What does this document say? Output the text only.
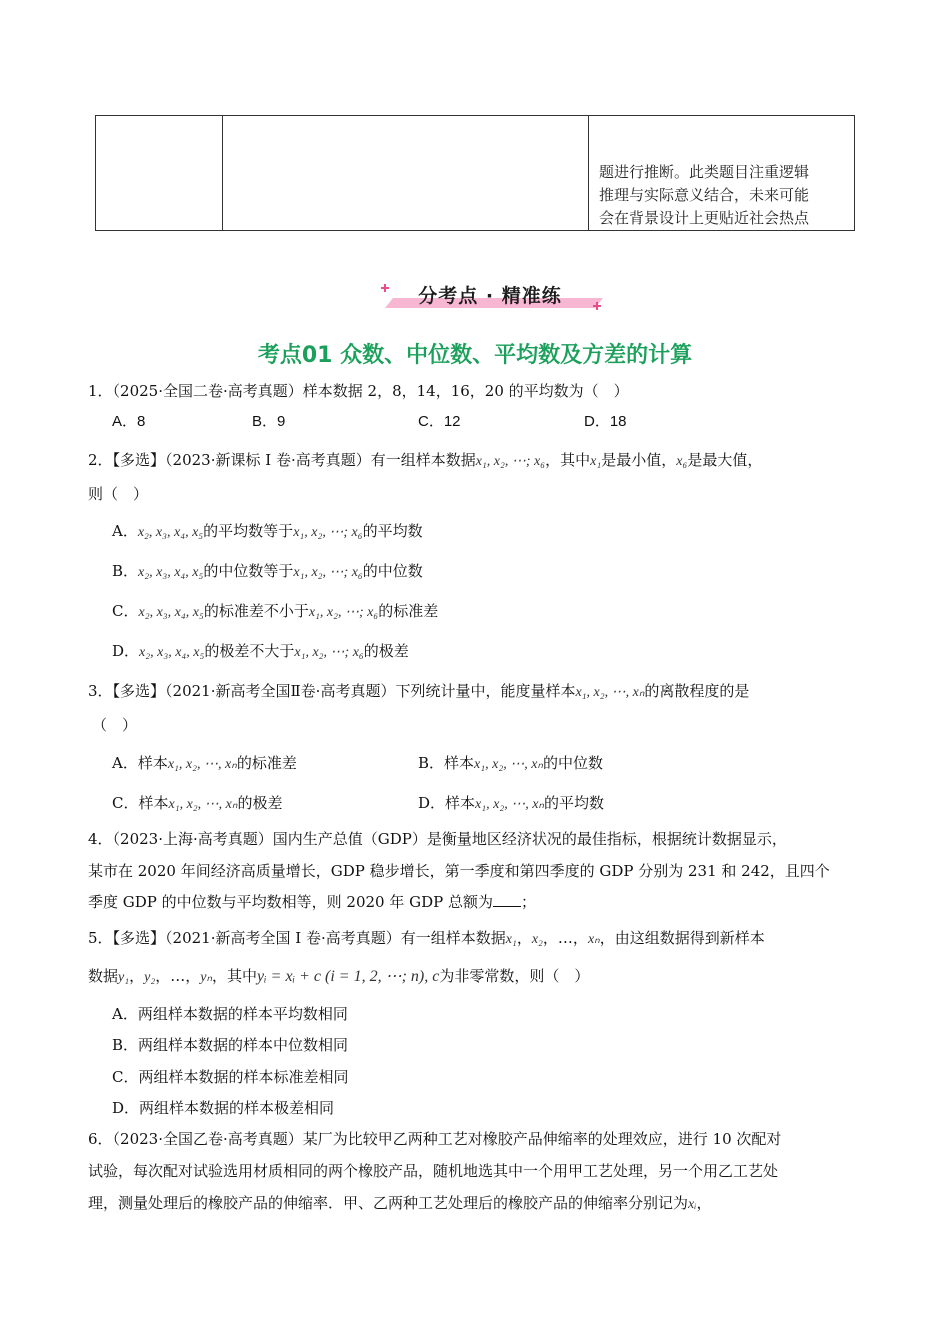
题进行推断。此类题目注重逻辑
推理与实际意义结合，未来可能
会在背景设计上更贴近社会热点
分考点 · 精准练
考点01 众数、中位数、平均数及方差的计算
1．（2025·全国二卷·高考真题）样本数据 2，8，14，16，20 的平均数为（　）
A．8	B．9	C．12	D．18
2．【多选】（2023·新课标 I 卷·高考真题）有一组样本数据x₁, x₂, ⋯; x₆，其中x₁是最小值，x₆是最大值，
则（　）
A．x₂, x₃, x₄, x₅的平均数等于x₁, x₂, ⋯; x₆的平均数
B．x₂, x₃, x₄, x₅的中位数等于x₁, x₂, ⋯; x₆的中位数
C．x₂, x₃, x₄, x₅的标准差不小于x₁, x₂, ⋯; x₆的标准差
D．x₂, x₃, x₄, x₅的极差不大于x₁, x₂, ⋯; x₆的极差
3．【多选】（2021·新高考全国Ⅱ卷·高考真题）下列统计量中，能度量样本x₁, x₂, ⋯, xₙ的离散程度的是
（　）
A．样本x₁, x₂, ⋯, xₙ的标准差	B．样本x₁, x₂, ⋯, xₙ的中位数
C．样本x₁, x₂, ⋯, xₙ的极差	D．样本x₁, x₂, ⋯, xₙ的平均数
4．（2023·上海·高考真题）国内生产总值（GDP）是衡量地区经济状况的最佳指标，根据统计数据显示，
某市在 2020 年间经济高质量增长，GDP 稳步增长，第一季度和第四季度的 GDP 分别为 231 和 242，且四个
季度 GDP 的中位数与平均数相等，则 2020 年 GDP 总额为 ；
5．【多选】（2021·新高考全国 I 卷·高考真题）有一组样本数据x₁，x₂，…，xₙ，由这组数据得到新样本
数据y₁，y₂，…，yₙ，其中yᵢ = xᵢ + c (i = 1, 2, ⋯; n), c为非零常数，则（　）
A．两组样本数据的样本平均数相同
B．两组样本数据的样本中位数相同
C．两组样本数据的样本标准差相同
D．两组样本数据的样本极差相同
6．（2023·全国乙卷·高考真题）某厂为比较甲乙两种工艺对橡胶产品伸缩率的处理效应，进行 10 次配对
试验，每次配对试验选用材质相同的两个橡胶产品，随机地选其中一个用甲工艺处理，另一个用乙工艺处
理，测量处理后的橡胶产品的伸缩率．甲、乙两种工艺处理后的橡胶产品的伸缩率分别记为xᵢ，
